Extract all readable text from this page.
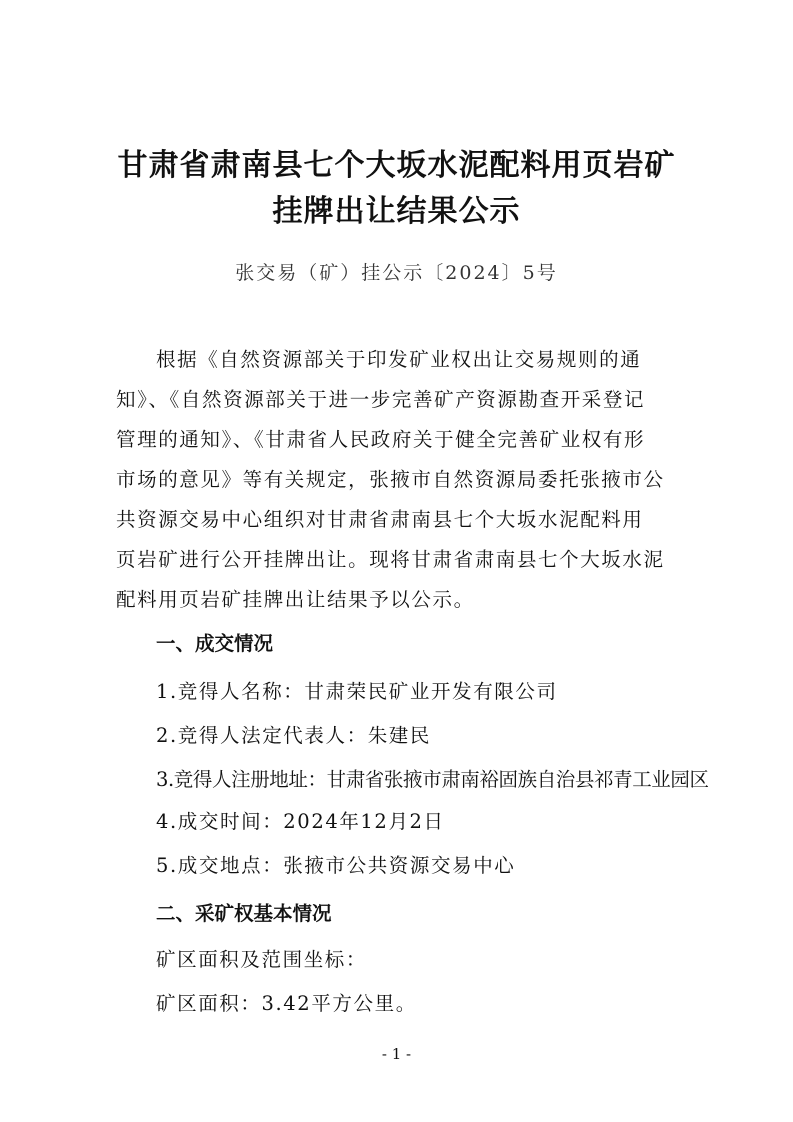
甘肃省肃南县七个大坂水泥配料用页岩矿
挂牌出让结果公示
张交易（矿）挂公示〔2024〕5号
根据《自然资源部关于印发矿业权出让交易规则的通
知》、《自然资源部关于进一步完善矿产资源勘查开采登记
管理的通知》、《甘肃省人民政府关于健全完善矿业权有形
市场的意见》等有关规定，张掖市自然资源局委托张掖市公
共资源交易中心组织对甘肃省肃南县七个大坂水泥配料用
页岩矿进行公开挂牌出让。现将甘肃省肃南县七个大坂水泥
配料用页岩矿挂牌出让结果予以公示。
一、成交情况
1.竞得人名称：甘肃荣民矿业开发有限公司
2.竞得人法定代表人：朱建民
3.竞得人注册地址：甘肃省张掖市肃南裕固族自治县祁青工业园区
4.成交时间：2024年12月2日
5.成交地点：张掖市公共资源交易中心
二、采矿权基本情况
矿区面积及范围坐标：
矿区面积：3.42平方公里。
- 1 -
